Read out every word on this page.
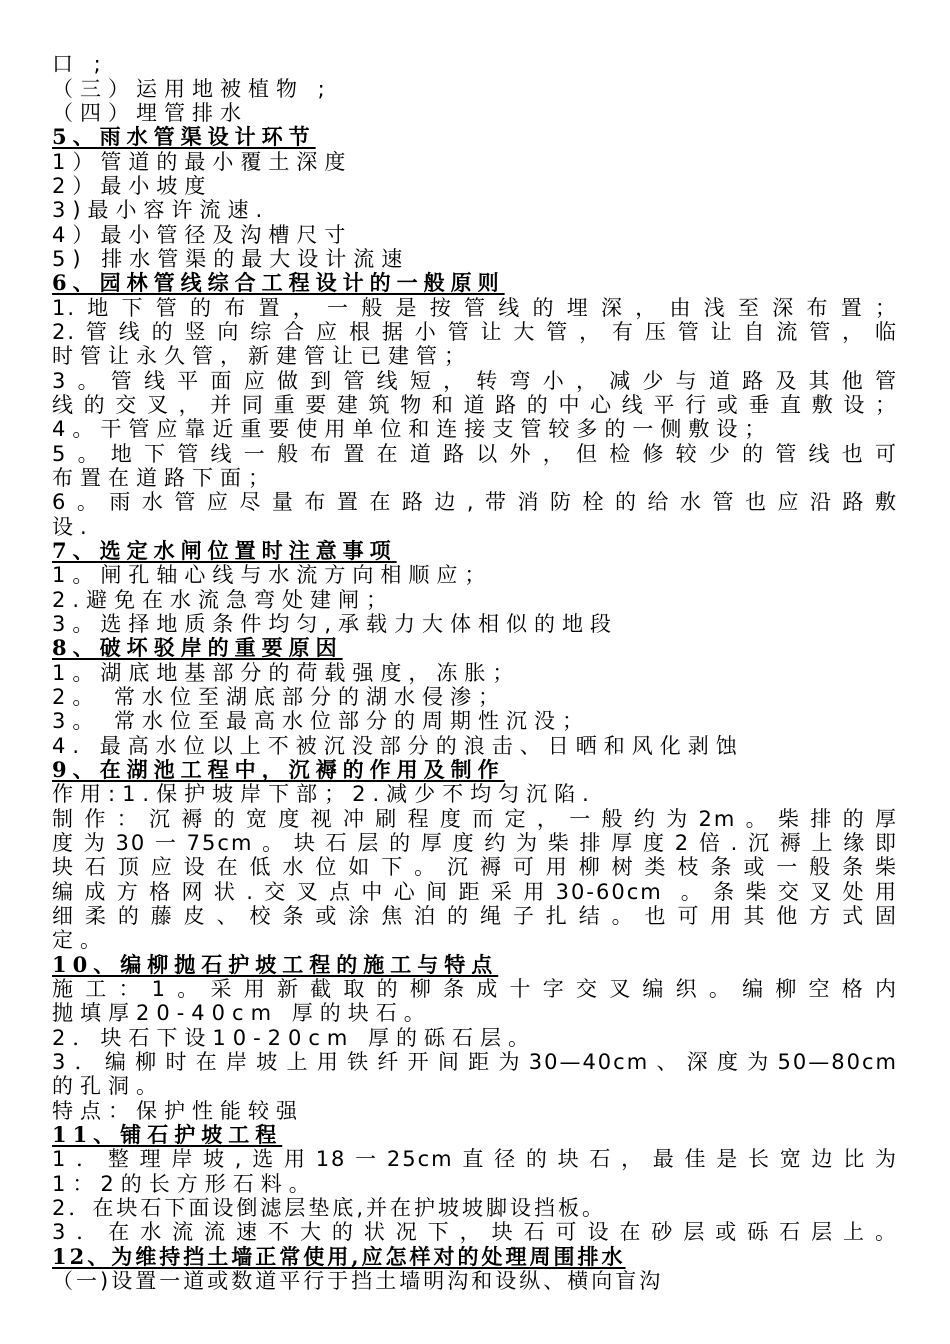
口 ;
（三）运用地被植物 ;
（四）埋管排水
5、雨水管渠设计环节
1）管道的最小覆土深度
2）最小坡度
3)最小容许流速.
4）最小管径及沟槽尺寸
5) 排水管渠的最大设计流速
6、园林管线综合工程设计的一般原则
1.地下管的布置，一般是按管线的埋深，由浅至深布置；
2.管线的竖向综合应根据小管让大管，有压管让自流管，临
时管让永久管，新建管让已建管；
3。管线平面应做到管线短，转弯小，减少与道路及其他管
线的交叉，并同重要建筑物和道路的中心线平行或垂直敷设；
4。干管应靠近重要使用单位和连接支管较多的一侧敷设；
5。地下管线一般布置在道路以外，但检修较少的管线也可
布置在道路下面；
6。雨水管应尽量布置在路边,带消防栓的给水管也应沿路敷
设.
7、选定水闸位置时注意事项
1。闸孔轴心线与水流方向相顺应；
2.避免在水流急弯处建闸；
3。选择地质条件均匀,承载力大体相似的地段
8、破坏驳岸的重要原因
1。湖底地基部分的荷载强度，冻胀；
2。 常水位至湖底部分的湖水侵渗；
3。 常水位至最高水位部分的周期性沉没；
4. 最高水位以上不被沉没部分的浪击、日晒和风化剥蚀
9、在湖池工程中，沉褥的作用及制作
作用:1.保护坡岸下部；2.减少不均匀沉陷.
制作：沉褥的宽度视冲刷程度而定，一般约为2m。柴排的厚
度为30一75cm。块石层的厚度约为柴排厚度2倍.沉褥上缘即
块石顶应设在低水位如下。沉褥可用柳树类枝条或一般条柴
编成方格网状.交叉点中心间距采用30-60cm 。条柴交叉处用
细柔的藤皮、校条或涂焦泊的绳子扎结。也可用其他方式固
定。
10、编柳抛石护坡工程的施工与特点
施工：1。采用新截取的柳条成十字交叉编织。编柳空格内
抛填厚20-40cm 厚的块石。
2．块石下设10-20cm 厚的砾石层。
3．编柳时在岸坡上用铁纤开间距为30—40cm、深度为50—80cm
的孔洞。
特点：保护性能较强
11、铺石护坡工程
1．整理岸坡,选用18一25cm直径的块石，最佳是长宽边比为
1：2的长方形石料。
2．在块石下面设倒滤层垫底,并在护坡坡脚设挡板。
3．在水流流速不大的状况下，块石可设在砂层或砾石层上。
12、为维持挡土墙正常使用,应怎样对的处理周围排水
（一)设置一道或数道平行于挡土墙明沟和设纵、横向盲沟
